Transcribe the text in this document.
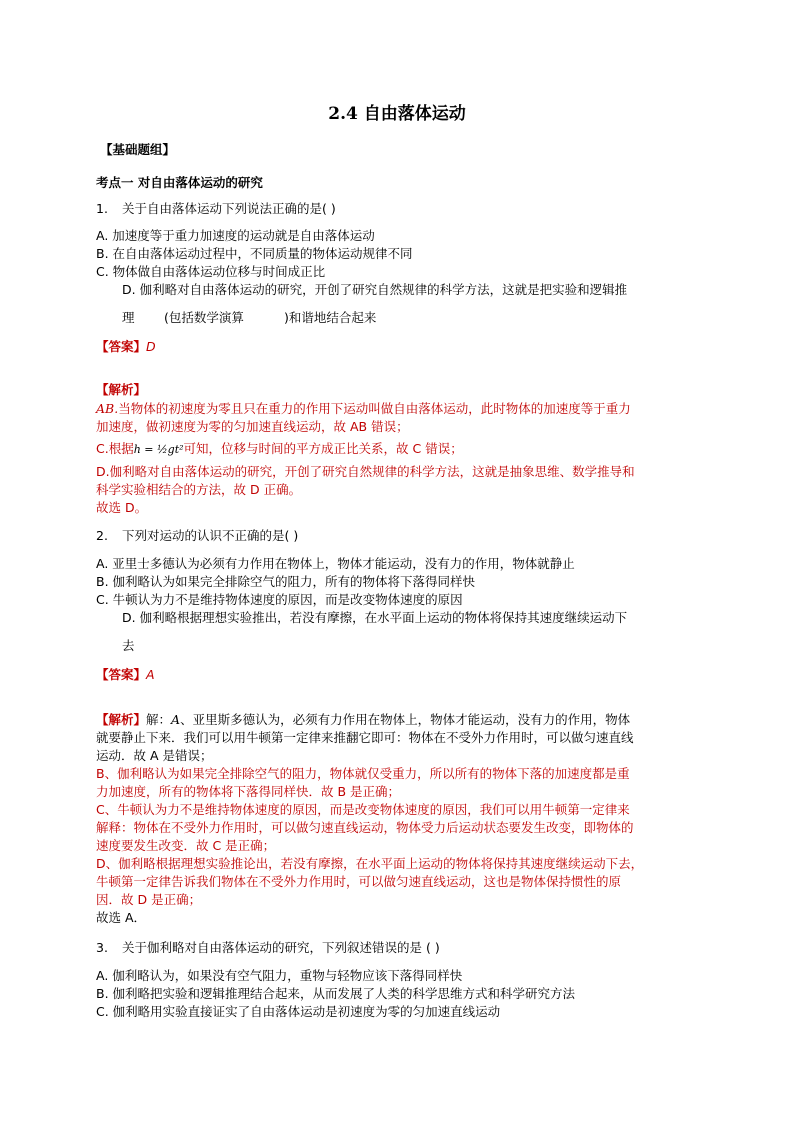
2.4 自由落体运动
【基础题组】
考点一 对自由落体运动的研究
1. 关于自由落体运动下列说法正确的是( )
A. 加速度等于重力加速度的运动就是自由落体运动
B. 在自由落体运动过程中，不同质量的物体运动规律不同
C. 物体做自由落体运动位移与时间成正比
D. 伽利略对自由落体运动的研究，开创了研究自然规律的科学方法，这就是把实验和逻辑推
理 (包括数学演算	)和谐地结合起来
【答案】D
【解析】
AB.当物体的初速度为零且只在重力的作用下运动叫做自由落体运动，此时物体的加速度等于重力
加速度，做初速度为零的匀加速直线运动，故 AB 错误；
C.根据h = ½gt²可知，位移与时间的平方成正比关系，故 C 错误；
D.伽利略对自由落体运动的研究，开创了研究自然规律的科学方法，这就是抽象思维、数学推导和
科学实验相结合的方法，故 D 正确。
故选 D。
2. 下列对运动的认识不正确的是( )
A. 亚里士多德认为必须有力作用在物体上，物体才能运动，没有力的作用，物体就静止
B. 伽利略认为如果完全排除空气的阻力，所有的物体将下落得同样快
C. 牛顿认为力不是维持物体速度的原因，而是改变物体速度的原因
D. 伽利略根据理想实验推出，若没有摩擦，在水平面上运动的物体将保持其速度继续运动下
去
【答案】A
【解析】解：A、亚里斯多德认为，必须有力作用在物体上，物体才能运动，没有力的作用，物体
就要静止下来．我们可以用牛顿第一定律来推翻它即可：物体在不受外力作用时，可以做匀速直线
运动．故 A 是错误；
B、伽利略认为如果完全排除空气的阻力，物体就仅受重力，所以所有的物体下落的加速度都是重
力加速度，所有的物体将下落得同样快．故 B 是正确；
C、牛顿认为力不是维持物体速度的原因，而是改变物体速度的原因，我们可以用牛顿第一定律来
解释：物体在不受外力作用时，可以做匀速直线运动，物体受力后运动状态要发生改变，即物体的
速度要发生改变．故 C 是正确；
D、伽利略根据理想实验推论出，若没有摩擦，在水平面上运动的物体将保持其速度继续运动下去，
牛顿第一定律告诉我们物体在不受外力作用时，可以做匀速直线运动，这也是物体保持惯性的原
因．故 D 是正确；
故选 A．
3. 关于伽利略对自由落体运动的研究，下列叙述错误的是 ( )
A. 伽利略认为，如果没有空气阻力，重物与轻物应该下落得同样快
B. 伽利略把实验和逻辑推理结合起来，从而发展了人类的科学思维方式和科学研究方法
C. 伽利略用实验直接证实了自由落体运动是初速度为零的匀加速直线运动
